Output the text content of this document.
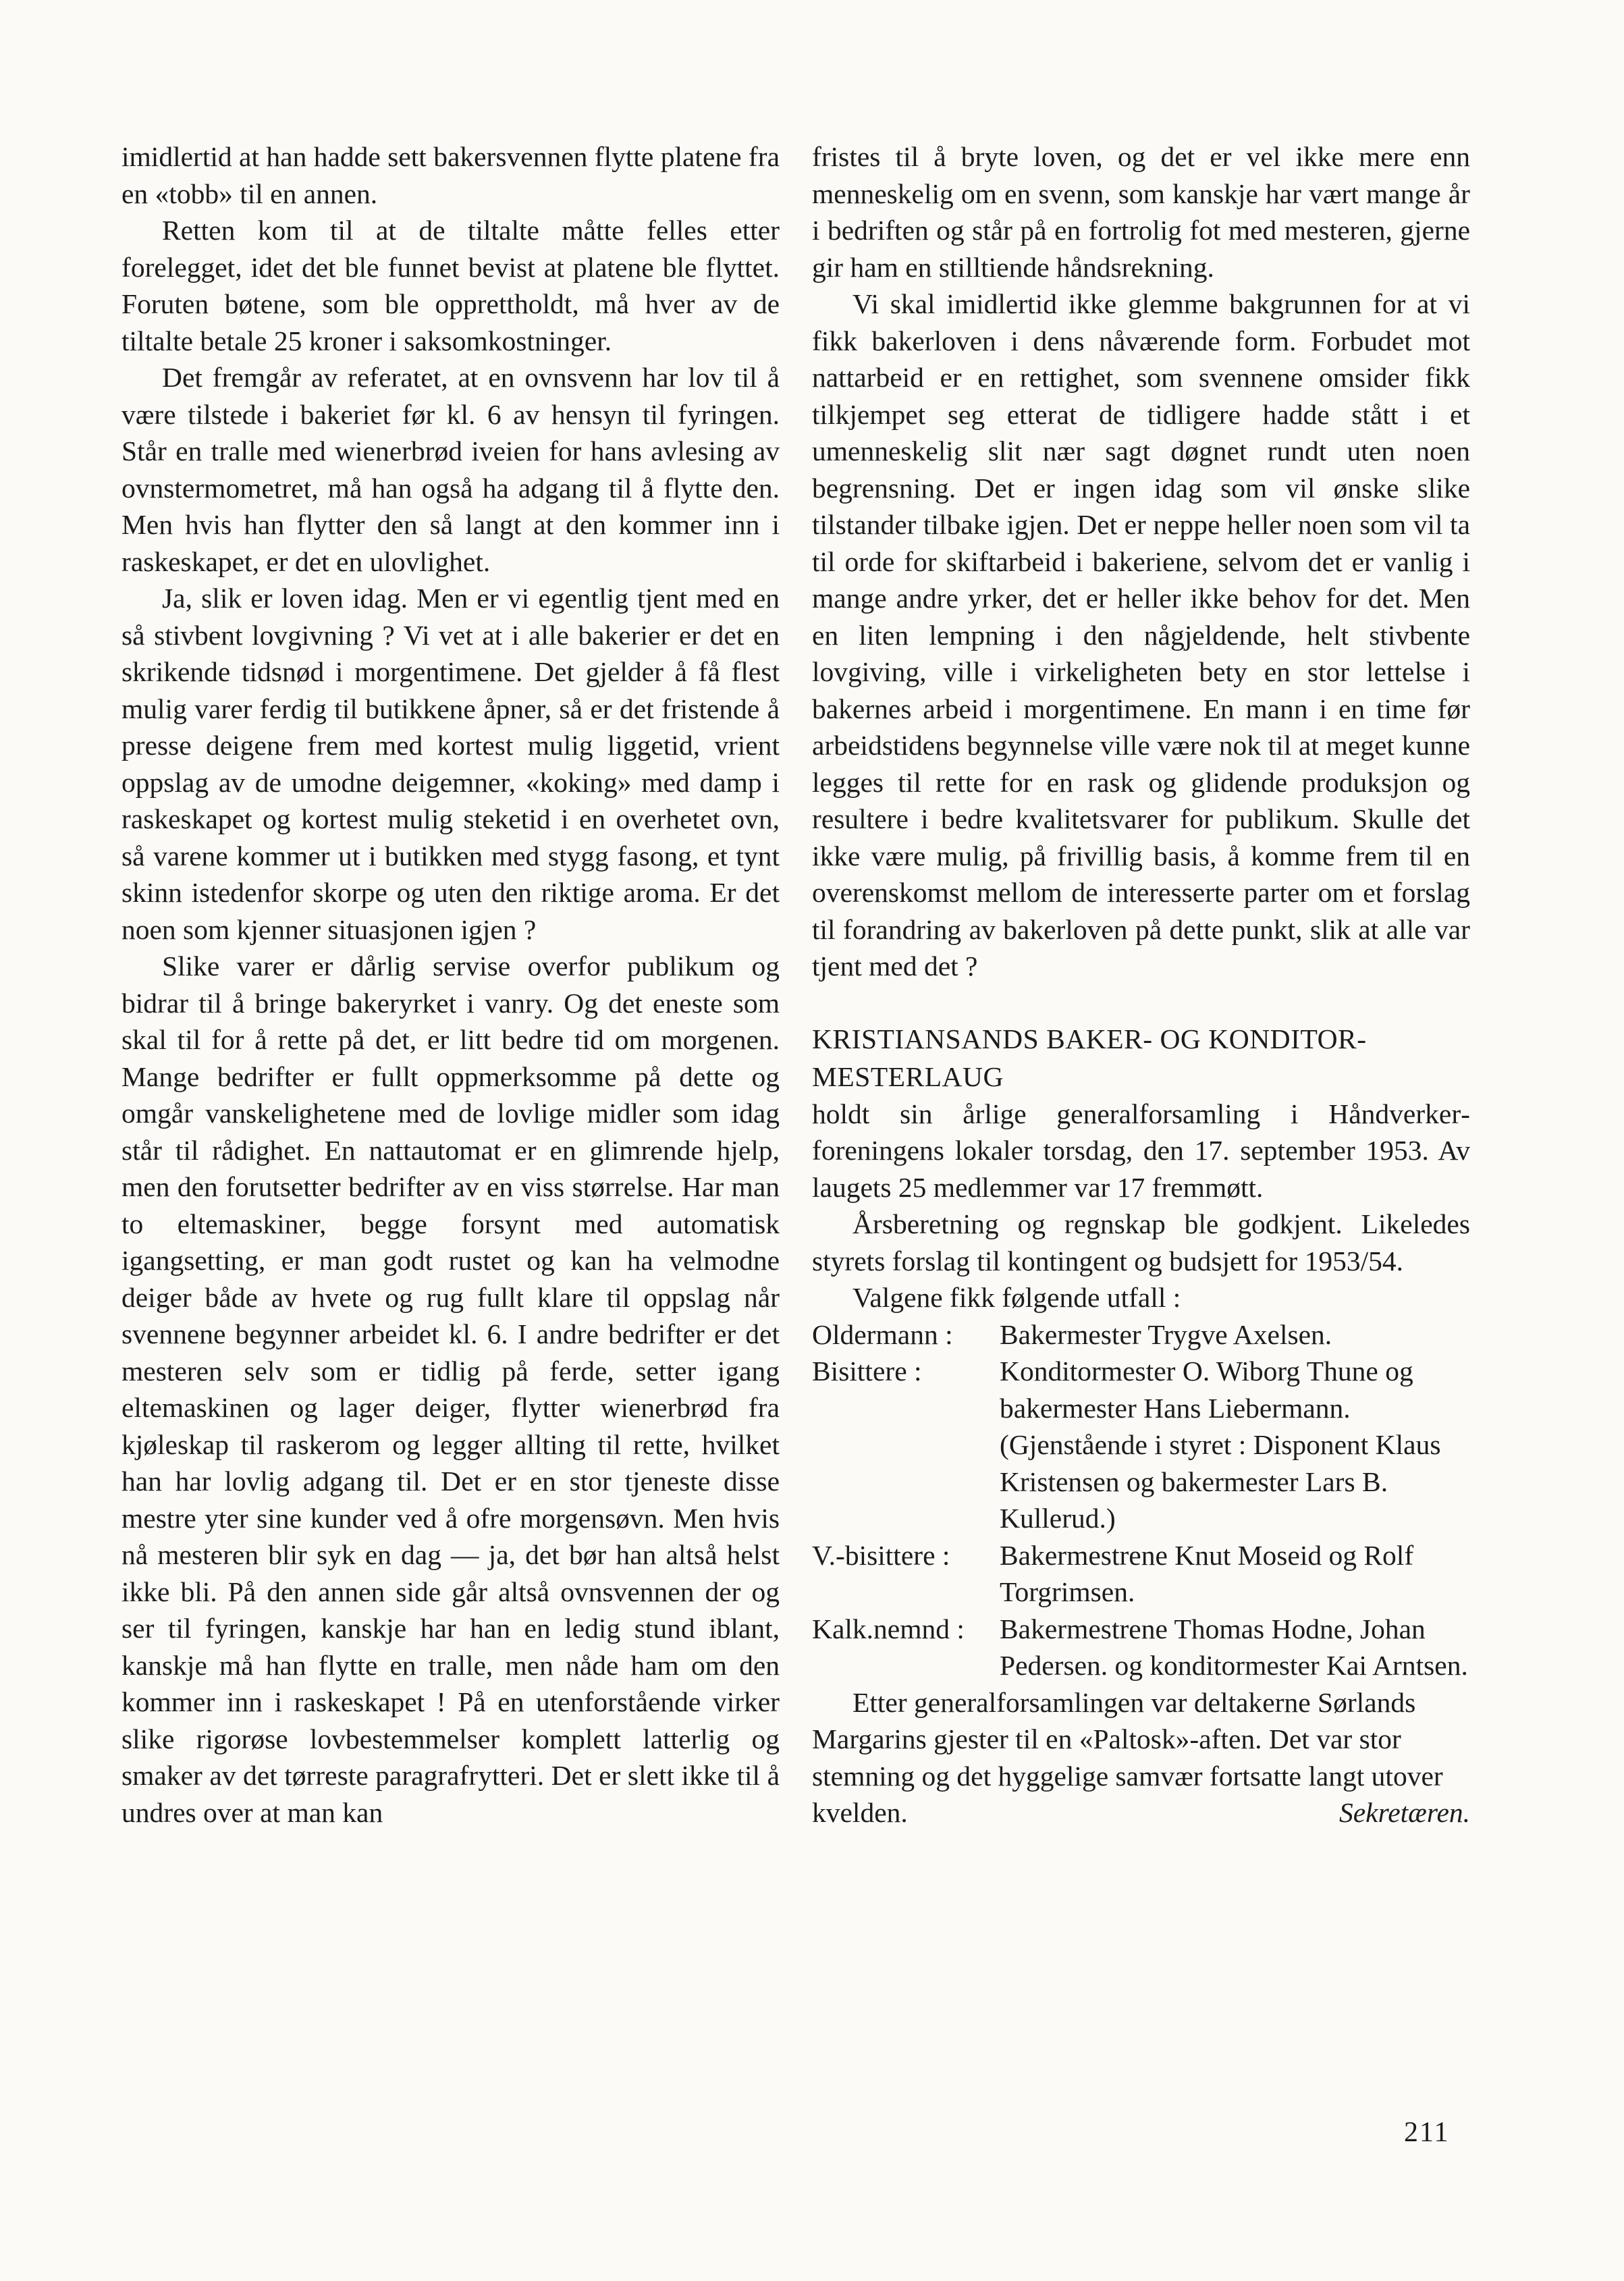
imidlertid at han hadde sett bakersvennen flytte platene fra en «tobb» til en annen.

Retten kom til at de tiltalte måtte felles etter forelegget, idet det ble funnet bevist at platene ble flyttet. Foruten bøtene, som ble opprettholdt, må hver av de tiltalte betale 25 kroner i saksomkostninger.

Det fremgår av referatet, at en ovnsvenn har lov til å være tilstede i bakeriet før kl. 6 av hensyn til fyringen. Står en tralle med wienerbrød iveien for hans avlesing av ovnstermometret, må han også ha adgang til å flytte den. Men hvis han flytter den så langt at den kommer inn i raskeskapet, er det en ulovlighet.

Ja, slik er loven idag. Men er vi egentlig tjent med en så stivbent lovgivning ? Vi vet at i alle bakerier er det en skrikende tidsnød i morgentimene. Det gjelder å få flest mulig varer ferdig til butikkene åpner, så er det fristende å presse deigene frem med kortest mulig liggetid, vrient oppslag av de umodne deigemner, «koking» med damp i raskeskapet og kortest mulig steketid i en overhetet ovn, så varene kommer ut i butikken med stygg fasong, et tynt skinn istedenfor skorpe og uten den riktige aroma. Er det noen som kjenner situasjonen igjen ?

Slike varer er dårlig servise overfor publikum og bidrar til å bringe bakeryrket i vanry. Og det eneste som skal til for å rette på det, er litt bedre tid om morgenen. Mange bedrifter er fullt oppmerksomme på dette og omgår vanskelighetene med de lovlige midler som idag står til rådighet. En nattautomat er en glimrende hjelp, men den forutsetter bedrifter av en viss størrelse. Har man to eltemaskiner, begge forsynt med automatisk igangsetting, er man godt rustet og kan ha velmodne deiger både av hvete og rug fullt klare til oppslag når svennene begynner arbeidet kl. 6. I andre bedrifter er det mesteren selv som er tidlig på ferde, setter igang eltemaskinen og lager deiger, flytter wienerbrød fra kjøleskap til raskerom og legger allting til rette, hvilket han har lovlig adgang til. Det er en stor tjeneste disse mestre yter sine kunder ved å ofre morgensøvn. Men hvis nå mesteren blir syk en dag — ja, det bør han altså helst ikke bli. På den annen side går altså ovnsvennen der og ser til fyringen, kanskje har han en ledig stund iblant, kanskje må han flytte en tralle, men nåde ham om den kommer inn i raskeskapet ! På en utenforstående virker slike rigorøse lovbestemmelser komplett latterlig og smaker av det tørreste paragrafrytteri. Det er slett ikke til å undres over at man kan

fristes til å bryte loven, og det er vel ikke mere enn menneskelig om en svenn, som kanskje har vært mange år i bedriften og står på en fortrolig fot med mesteren, gjerne gir ham en stilltiende håndsrekning.

Vi skal imidlertid ikke glemme bakgrunnen for at vi fikk bakerloven i dens nåværende form. Forbudet mot nattarbeid er en rettighet, som svennene omsider fikk tilkjempet seg etterat de tidligere hadde stått i et umenneskelig slit nær sagt døgnet rundt uten noen begrensning. Det er ingen idag som vil ønske slike tilstander tilbake igjen. Det er neppe heller noen som vil ta til orde for skiftarbeid i bakeriene, selvom det er vanlig i mange andre yrker, det er heller ikke behov for det. Men en liten lempning i den någjeldende, helt stivbente lovgiving, ville i virkeligheten bety en stor lettelse i bakernes arbeid i morgentimene. En mann i en time før arbeidstidens begynnelse ville være nok til at meget kunne legges til rette for en rask og glidende produksjon og resultere i bedre kvalitetsvarer for publikum. Skulle det ikke være mulig, på frivillig basis, å komme frem til en overenskomst mellom de interesserte parter om et forslag til forandring av bakerloven på dette punkt, slik at alle var tjent med det ?

KRISTIANSANDS BAKER- OG KONDITOR-MESTERLAUG

holdt sin årlige generalforsamling i Håndverkerforeningens lokaler torsdag, den 17. september 1953. Av laugets 25 medlemmer var 17 fremmøtt.

Årsberetning og regnskap ble godkjent. Likeledes styrets forslag til kontingent og budsjett for 1953/54.

Valgene fikk følgende utfall :

Oldermann :	Bakermester Trygve Axelsen.
Bisittere :	Konditormester O. Wiborg Thune og bakermester Hans Liebermann. (Gjenstående i styret : Disponent Klaus Kristensen og bakermester Lars B. Kullerud.)
V.-bisittere :	Bakermestrene Knut Moseid og Rolf Torgrimsen.
Kalk.nemnd :	Bakermestrene Thomas Hodne, Johan Pedersen. og konditormester Kai Arntsen.

Etter generalforsamlingen var deltakerne Sørlands Margarins gjester til en «Paltosk»-aften. Det var stor stemning og det hyggelige samvær fortsatte langt utover kvelden.	Sekretæren.

211
